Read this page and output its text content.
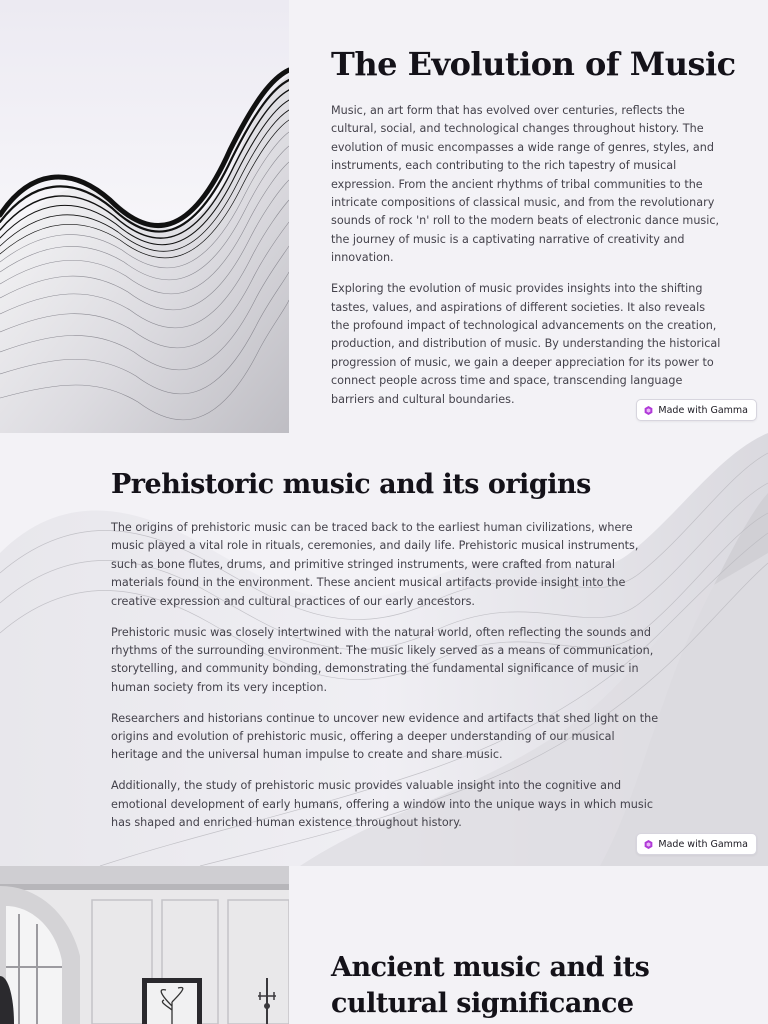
The Evolution of Music

Music, an art form that has evolved over centuries, reflects the cultural, social, and technological changes throughout history. The evolution of music encompasses a wide range of genres, styles, and instruments, each contributing to the rich tapestry of musical expression. From the ancient rhythms of tribal communities to the intricate compositions of classical music, and from the revolutionary sounds of rock 'n' roll to the modern beats of electronic dance music, the journey of music is a captivating narrative of creativity and innovation.

Exploring the evolution of music provides insights into the shifting tastes, values, and aspirations of different societies. It also reveals the profound impact of technological advancements on the creation, production, and distribution of music. By understanding the historical progression of music, we gain a deeper appreciation for its power to connect people across time and space, transcending language barriers and cultural boundaries.

Made with Gamma
Prehistoric music and its origins

The origins of prehistoric music can be traced back to the earliest human civilizations, where music played a vital role in rituals, ceremonies, and daily life. Prehistoric musical instruments, such as bone flutes, drums, and primitive stringed instruments, were crafted from natural materials found in the environment. These ancient musical artifacts provide insight into the creative expression and cultural practices of our early ancestors.

Prehistoric music was closely intertwined with the natural world, often reflecting the sounds and rhythms of the surrounding environment. The music likely served as a means of communication, storytelling, and community bonding, demonstrating the fundamental significance of music in human society from its very inception.

Researchers and historians continue to uncover new evidence and artifacts that shed light on the origins and evolution of prehistoric music, offering a deeper understanding of our musical heritage and the universal human impulse to create and share music.

Additionally, the study of prehistoric music provides valuable insight into the cognitive and emotional development of early humans, offering a window into the unique ways in which music has shaped and enriched human existence throughout history.

Made with Gamma
Ancient music and its cultural significance
